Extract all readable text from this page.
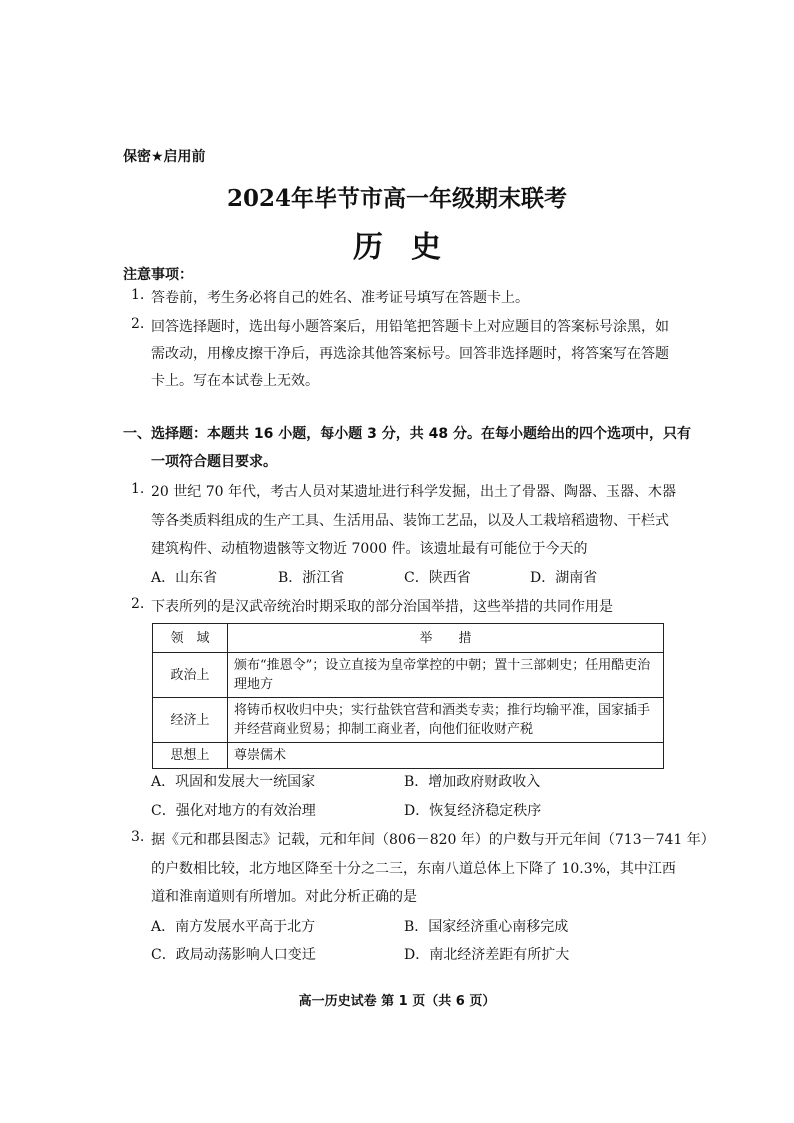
保密★启用前
2024年毕节市高一年级期末联考
历史
注意事项：
1. 答卷前，考生务必将自己的姓名、准考证号填写在答题卡上。
2. 回答选择题时，选出每小题答案后，用铅笔把答题卡上对应题目的答案标号涂黑，如
需改动，用橡皮擦干净后，再选涂其他答案标号。回答非选择题时，将答案写在答题
卡上。写在本试卷上无效。
一、选择题：本题共 16 小题，每小题 3 分，共 48 分。在每小题给出的四个选项中，只有
一项符合题目要求。
1. 20 世纪 70 年代，考古人员对某遗址进行科学发掘，出土了骨器、陶器、玉器、木器
等各类质料组成的生产工具、生活用品、装饰工艺品，以及人工栽培稻遗物、干栏式
建筑构件、动植物遗骸等文物近 7000 件。该遗址最有可能位于今天的
A．山东省	B．浙江省	C．陕西省	D．湖南省
2. 下表所列的是汉武帝统治时期采取的部分治国举措，这些举措的共同作用是
领　域	举　　措
政治上	颁布“推恩令”；设立直接为皇帝掌控的中朝；置十三部刺史；任用酷吏治理地方
经济上	将铸币权收归中央；实行盐铁官营和酒类专卖；推行均输平准，国家插手并经营商业贸易；抑制工商业者，向他们征收财产税
思想上	尊崇儒术
A．巩固和发展大一统国家	B．增加政府财政收入
C．强化对地方的有效治理	D．恢复经济稳定秩序
3. 据《元和郡县图志》记载，元和年间（806－820 年）的户数与开元年间（713－741 年）
的户数相比较，北方地区降至十分之二三，东南八道总体上下降了 10.3%，其中江西
道和淮南道则有所增加。对此分析正确的是
A．南方发展水平高于北方	B．国家经济重心南移完成
C．政局动荡影响人口变迁	D．南北经济差距有所扩大
高一历史试卷 第 1 页（共 6 页）
